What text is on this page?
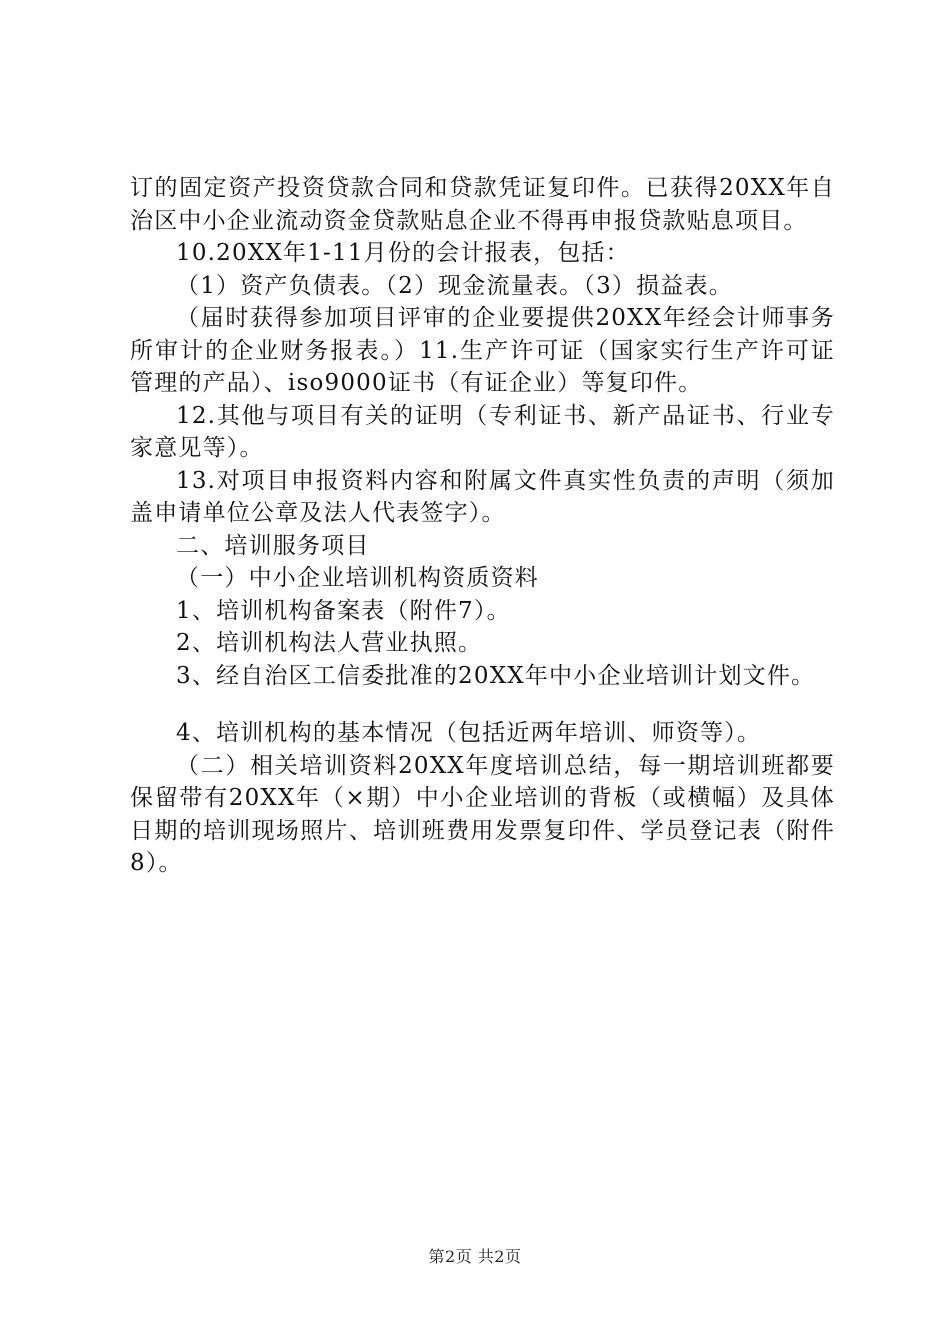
订的固定资产投资贷款合同和贷款凭证复印件。已获得20XX年自治区中小企业流动资金贷款贴息企业不得再申报贷款贴息项目。

10.20XX年1-11月份的会计报表，包括：

（1）资产负债表。（2）现金流量表。（3）损益表。

（届时获得参加项目评审的企业要提供20XX年经会计师事务所审计的企业财务报表。）11.生产许可证（国家实行生产许可证管理的产品）、iso9000证书（有证企业）等复印件。

12.其他与项目有关的证明（专利证书、新产品证书、行业专家意见等）。

13.对项目申报资料内容和附属文件真实性负责的声明（须加盖申请单位公章及法人代表签字）。

二、培训服务项目

（一）中小企业培训机构资质资料

1、培训机构备案表（附件7）。

2、培训机构法人营业执照。

3、经自治区工信委批准的20XX年中小企业培训计划文件。

4、培训机构的基本情况（包括近两年培训、师资等）。

（二）相关培训资料20XX年度培训总结，每一期培训班都要保留带有20XX年（×期）中小企业培训的背板（或横幅）及具体日期的培训现场照片、培训班费用发票复印件、学员登记表（附件8）。

第2页 共2页
